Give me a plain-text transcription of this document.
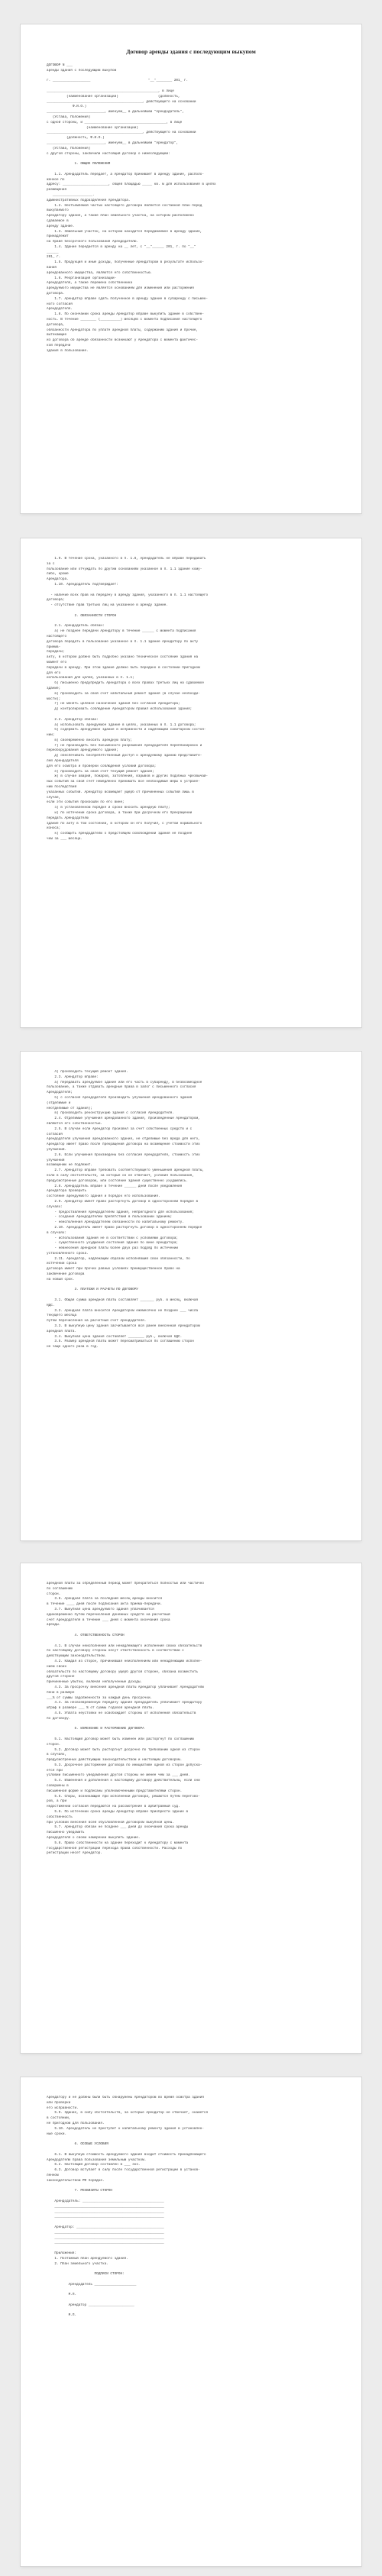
Договор аренды здания с последующим выкупом
ДОГОВОР N ___
аренды здания с последующим выкупом
г. ___________________                             "__"________ 201_ г.
________________________________________________________, в лице
(наименование организации)                    (должность,
________________________________________________, действующего на основании
Ф.И.О.)
_____________________________, именуем__ в дальнейшем "Арендодатель",
(Устава, Положения)
с одной стороны, и _________________________________________, в лице
(наименование организации)
________________________________________________, действующего на основании
(должность, Ф.И.О.)
_____________________________, именуем__ в дальнейшем "Арендатор",
(Устава, Положения)
с другой стороны, заключили настоящий договор о нижеследующем:
1. ОБЩИЕ ПОЛОЖЕНИЯ
1.1. Арендодатель передает, а Арендатор принимает в аренду здание, располо-
женное по
адресу: _______________________, общей площадью _____ кв. м для использования в целях
размещения
____________________.
административных подразделения Арендатора.
1.2. Неотъемлемой частью настоящего договора является составной план перед
выкупаемого
Арендатору здание, а также план земельного участка, на котором расположено
сдаваемое в
аренду здание.
1.3. Земельный участок, на котором находится передаваемое в аренду здание,
принадлежит
на праве бессрочного пользования Арендодателю.
1.4. Здание передается в аренду на __ лет, с "__"______ 201_ г. по "__"
______
201_ г.
1.5. Продукция и иные доходы, полученные Арендатором в результате использо-
вания
арендованного имущества, являются его собственностью.
1.6. Реорганизация организации-
Арендодателя, а также перемена собственника
арендуемого имущества не является основанием для изменения или расторжения
договора.
1.7. Арендатор вправе сдать полученное в аренду здание в субаренду с письмен-
ного согласия
Арендодателя.
1.8. По окончании срока аренды Арендатор вправе выкупить здание в собствен-
ность. В течение ________ (__________) месяцев с момента подписания настоящего
договора,
обязанности Арендатора по уплате арендной платы, содержанию здания и прочие,
вытекающие
из договора об аренде обязанности возникают у Арендатора с момента фактичес-
кой передачи
здания в пользование.
1.9. В течение срока, указанного в п. 1.8, Арендодатель не вправе передавать
за с
пользование или отчуждать по другим основаниям указанное в п. 1.1 здание кому-
либо, кроме
Арендатора.
1.10. Арендодатель подтверждает:
- наличие всех прав на передачу в аренду здания, указанного в п. 1.1 настоящего
договора;
- отсутствие прав третьих лиц на указанное в аренду здание.
2. ОБЯЗАННОСТИ СТОРОН
2.1. Арендодатель обязан:
а) не позднее передачи Арендатору в течение ______ с момента подписания
настоящего
договора передать в пользование указанное в п. 1.1 здание Арендатору по акту
приема-
передачи;
акту, в котором должно быть подробно указано техническое состояние здания на
момент его
передачи в аренду. При этом здание должно быть передано в состоянии пригодном
для его
использования для целей, указанных в п. 1.1;
б) письменно предупредить Арендатора о всех правах третьих лиц на сдаваемое
здание;
в) производить за свой счет капитальный ремонт здания (в случае необходи-
мости);
г) не менять целевое назначение здания без согласия Арендатора;
д) контролировать соблюдение Арендатором правил использования здания;
2.2. Арендатор обязан:
а) использовать арендуемое здание в целях, указанных в п. 1.1 договора;
б) содержать арендуемое здание в исправности и надлежащем санитарном состоя-
нии;
в) своевременно вносить арендную плату;
г) не производить без письменного разрешения Арендодателя перепланировок и
переоборудования арендуемого здания;
д) обеспечивать беспрепятственный доступ к арендуемому зданию представите-
лей Арендодателя
для его осмотра и проверки соблюдения условий договора;
е) производить за свой счет текущий ремонт здания;
ж) в случае аварий, пожаров, затоплений, взрывов и других подобных чрезвычай-
ных событий за свой счет немедленно принимать все необходимые меры к устране-
нию последствий
указанных событий. Арендатор возмещает ущерб от причиненных событий лишь в
случае,
если эти события произошли по его вине;
з) в установленном порядке и сроки вносить арендную плату;
и) по истечении срока договора, а также при досрочном его прекращении
передать Арендодателю
здание по акту в том состоянии, в котором он его получил, с учетом нормального
износа;
к) сообщить Арендодателю о предстоящем освобождении здания не позднее
чем за ___ месяца.
л) производить текущий ремонт здания.
2.3. Арендатор вправе:
а) передавать арендуемое здание или его часть в субаренду, в безвозмездное
пользование, а также отдавать арендные права в залог с письменного согласия
Арендодателя;
б) с согласия Арендодателя производить улучшения арендованного здания
(отделимые и
неотделимые от здания);
в) производить реконструкцию здания с согласия Арендодателя.
2.4. Отделимые улучшения арендованного здания, произведенные Арендатором,
являются его собственностью.
2.5. В случае если Арендатор произвел за счет собственных средств и с
согласия
Арендодателя улучшения арендованного здания, не отделимые без вреда для него,
Арендатор имеет право после прекращения договора на возмещение стоимости этих
улучшений.
2.6. Если улучшения произведены без согласия Арендодателя, стоимость этих
улучшений
возмещению не подлежит.
2.7. Арендатор вправе требовать соответствующего уменьшения арендной платы,
если в силу обстоятельств, за которые он не отвечает, условия пользования,
предусмотренные договором, или состояние здания существенно ухудшились.
2.8. Арендодатель вправе в течение ______ дней после уведомления
Арендатора проверить
состояние арендуемого здания и порядок его использования.
2.9. Арендатор имеет право расторгнуть договор в одностороннем порядке в
случаях:
- предоставления Арендодателем здания, непригодного для использования;
- создания Арендодателем препятствий в пользовании зданием;
- неисполнения Арендодателем обязанности по капитальному ремонту.
2.10. Арендодатель имеет право расторгнуть договор в одностороннем порядке
в случаях:
- использования здания не в соответствии с условиями договора;
- существенного ухудшения состояния здания по вине Арендатора;
- невнесения арендной платы более двух раз подряд по истечении
установленного срока.
2.11. Арендатор, надлежащим образом исполнявший свои обязанности, по
истечении срока
договора имеет при прочих равных условиях преимущественное право на
заключение договора
на новый срок.
3. ПЛАТЕЖИ И РАСЧЕТЫ ПО ДОГОВОРУ
3.1. Общая сумма арендной платы составляет _______ руб. в месяц, включая
НДС.
3.2. Арендная плата вносится Арендатором ежемесячно не позднее ___ числа
текущего месяца
путем перечисления на расчетный счет Арендодателя.
3.3. В выкупную цену здания засчитывается вся ранее внесенная Арендатором
арендная плата.
3.4. Выкупная цена здания составляет ________ руб., включая НДС.
3.5. Размер арендной платы может пересматриваться по соглашению сторон
не чаще одного раза в год.
арендной платы за определенный период может прекратиться полностью или частично
по соглашению
сторон.
3.6. Арендная плата за последний месяц аренды вносится
в течение ____ дней после подписания акта приема-передачи.
3.7. Выкупная цена арендуемого здания уплачивается
единовременно путем перечисления денежных средств на расчетный
счет Арендодателя в течение ___ дней с момента окончания срока
аренды.
4. ОТВЕТСТВЕННОСТЬ СТОРОН
4.1. В случае неисполнения или ненадлежащего исполнения своих обязательств
по настоящему договору стороны несут ответственность в соответствии с
действующим законодательством.
4.2. Каждая из сторон, причинившая неисполнением или ненадлежащим исполне-
нием своих
обязательств по настоящему договору ущерб другой стороне, обязана возместить
другой стороне
причиненные убытки, включая неполученные доходы.
4.3. За просрочку внесения арендной платы Арендатор уплачивает Арендодателю
пени в размере
___% от суммы задолженности за каждый день просрочки.
4.4. За несвоевременную передачу здания Арендодатель уплачивает Арендатору
штраф в размере ___ % от суммы годовой арендной платы.
4.5. Уплата неустойки не освобождает стороны от исполнения обязательств
по договору.
5. ИЗМЕНЕНИЕ И РАСТОРЖЕНИЕ ДОГОВОРА
5.1. Настоящий договор может быть изменен или расторгнут по соглашению
сторон.
5.2. Договор может быть расторгнут досрочно по требованию одной из сторон
в случаях,
предусмотренных действующим законодательством и настоящим договором.
5.3. Досрочное расторжение договора по инициативе одной из сторон допуска-
ется при
условии письменного уведомления другой стороны не менее чем за ___ дней.
5.4. Изменения и дополнения к настоящему договору действительны, если они
совершены в
письменной форме и подписаны уполномоченными представителями сторон.
5.5. Споры, возникающие при исполнении договора, решаются путем перегово-
ров, а при
недостижении согласия передаются на рассмотрение в арбитражный суд.
5.6. По истечении срока аренды Арендатор вправе приобрести здание в
собственность
при условии внесения всей обусловленной договором выкупной цены.
5.7. Арендатор обязан не позднее ___ дней до окончания срока аренды
письменно уведомить
Арендодателя о своем намерении выкупить здание.
5.8. Право собственности на здание переходит к Арендатору с момента
государственной регистрации перехода права собственности. Расходы по
регистрации несет Арендатор.
Арендатору и не должны были быть обнаружены Арендатором во время осмотра здания
или проверки
его исправности.
5.9. Здание, в силу обстоятельств, за которые Арендатор не отвечает, окажется
в состоянии,
не пригодном для пользования.
5.10. Арендодатель не приступит к капитальному ремонту здания в установлен-
ные сроки.
6. ОСОБЫЕ УСЛОВИЯ
6.1. В выкупную стоимость арендуемого здания входит стоимость принадлежащего
Арендодателю права пользования земельным участком.
6.2. Настоящий договор составлен в ___ экз.
6.3. Договор вступает в силу после государственной регистрации в установ-
ленном
законодательством РФ порядке.
7. РЕКВИЗИТЫ СТОРОН
Арендодатель: _________________________________________
_______________________________________________________
_______________________________________________________
_______________________________________________________
Арендатор: ____________________________________________
_______________________________________________________
_______________________________________________________
_______________________________________________________
Приложения:
1. Поэтажный план арендуемого здания.
2. План земельного участка.
ПОДПИСИ СТОРОН:
Арендодатель _____________________
М.П.
Арендатор _______________________
М.П.
